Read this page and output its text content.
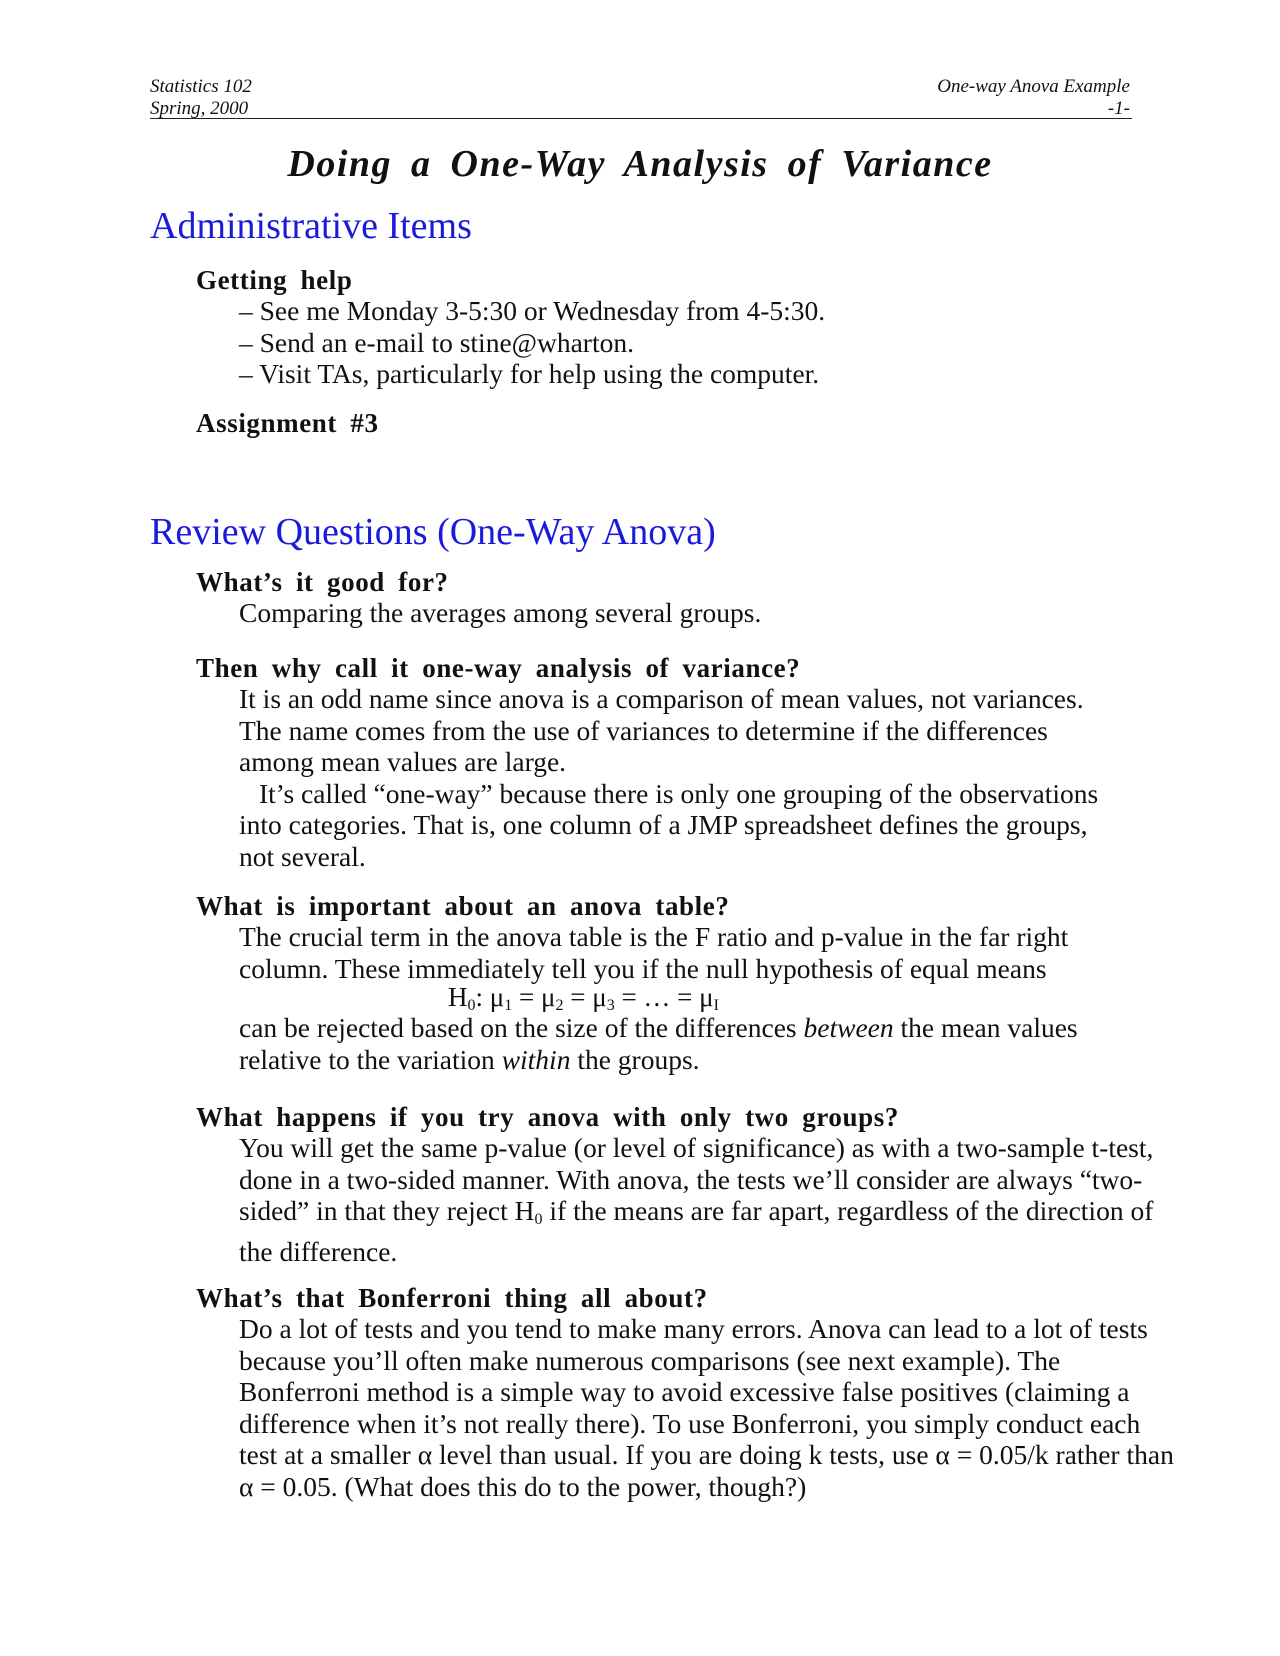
Statistics 102	One-way Anova Example
Spring, 2000	-1-
Doing a One-Way Analysis of Variance
Administrative Items
Getting help

– See me Monday 3-5:30 or Wednesday from 4-5:30.

– Send an e-mail to stine@wharton.

– Visit TAs, particularly for help using the computer.

Assignment #3
Review Questions (One-Way Anova)
What’s it good for?
Comparing the averages among several groups.
Then why call it one-way analysis of variance?

It is an odd name since anova is a comparison of mean values, not variances. The name comes from the use of variances to determine if the differences among mean values are large.

It’s called “one-way” because there is only one grouping of the observations into categories. That is, one column of a JMP spreadsheet defines the groups, not several.

What is important about an anova table?
The crucial term in the anova table is the F ratio and p-value in the far right column. These immediately tell you if the null hypothesis of equal means
$H_0$: $\mu_1 = \mu_2 = \mu_3$ = … = $\mu_I$
can be rejected based on the size of the differences between the mean values relative to the variation within the groups.
What happens if you try anova with only two groups?
You will get the same p-value (or level of significance) as with a two-sample t-test, done in a two-sided manner. With anova, the tests we’ll consider are always “two-sided” in that they reject $H_0$ if the means are far apart, regardless of the direction of the difference.
What’s that Bonferroni thing all about?
Do a lot of tests and you tend to make many errors. Anova can lead to a lot of tests because you’ll often make numerous comparisons (see next example). The Bonferroni method is a simple way to avoid excessive false positives (claiming a difference when it’s not really there). To use Bonferroni, you simply conduct each test at a smaller α level than usual. If you are doing k tests, use α = 0.05/k rather than α = 0.05. (What does this do to the power, though?)
